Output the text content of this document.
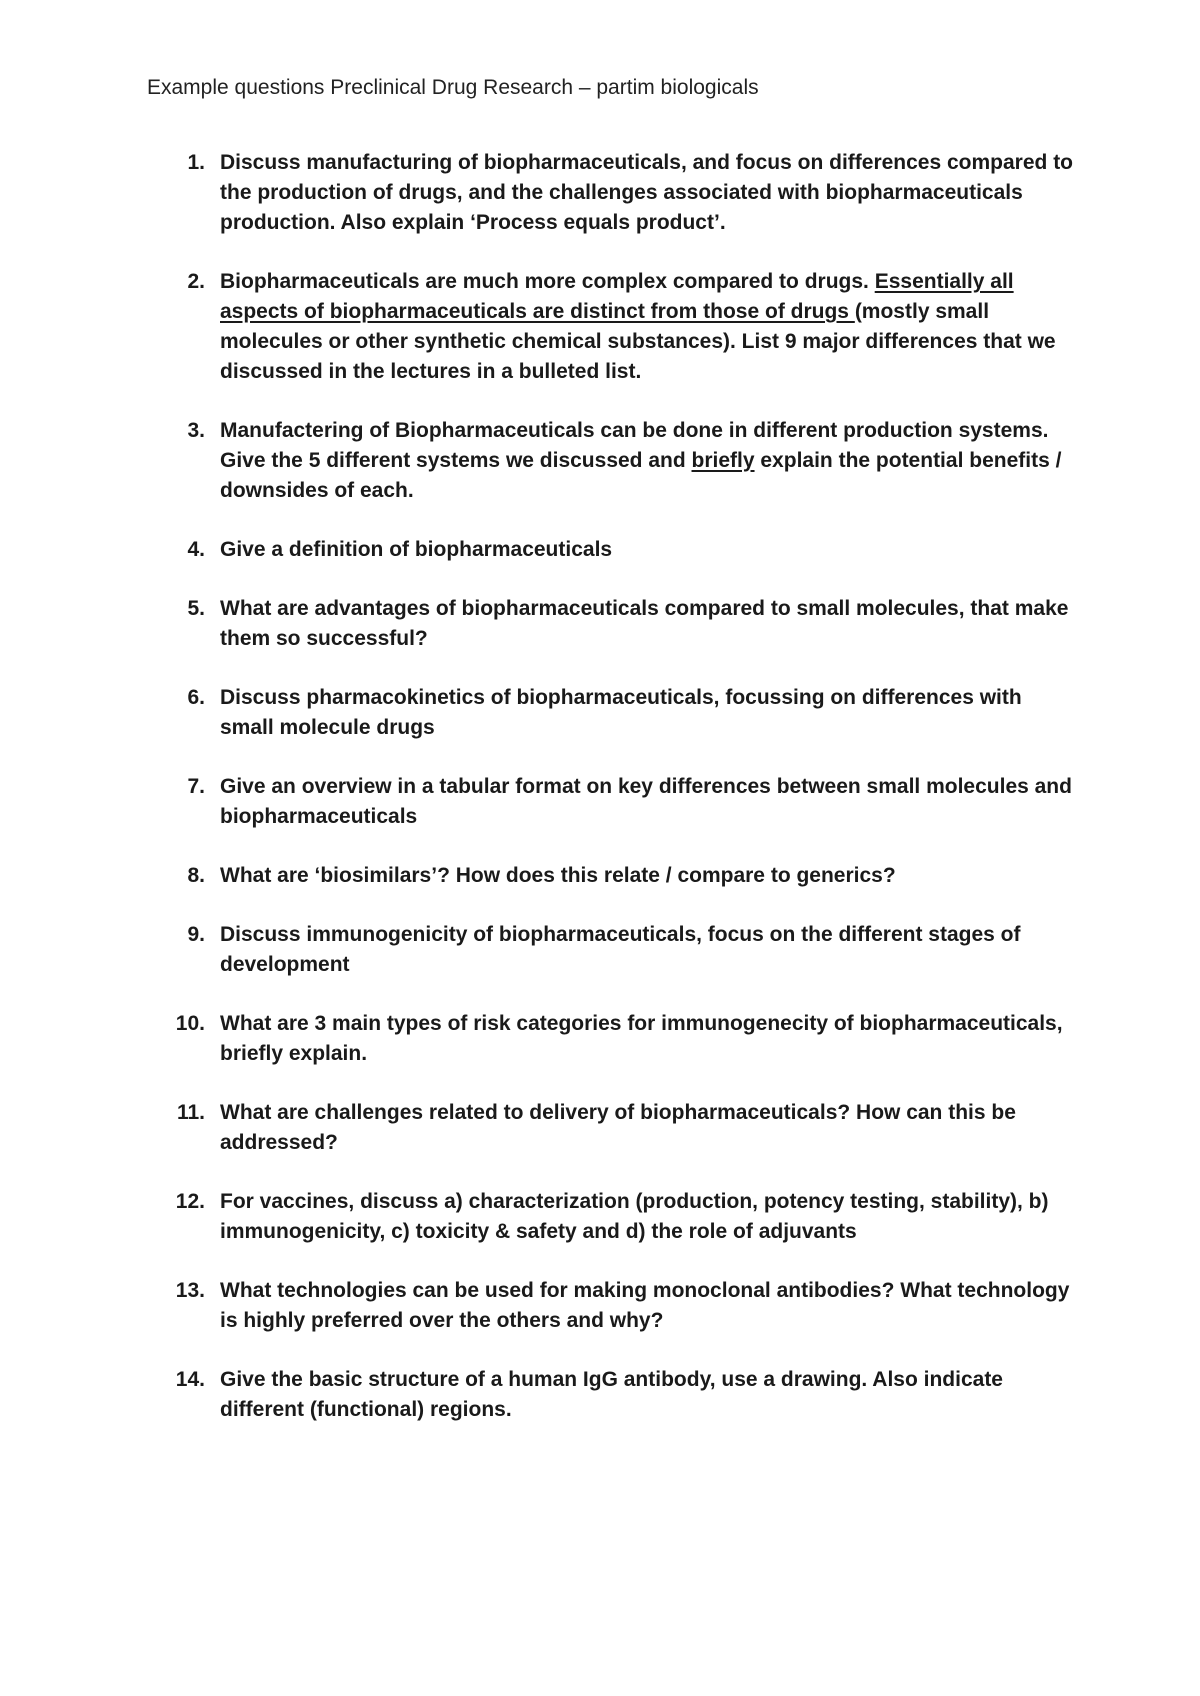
Example questions Preclinical Drug Research – partim biologicals
1. Discuss manufacturing of biopharmaceuticals, and focus on differences compared to the production of drugs, and the challenges associated with biopharmaceuticals production. Also explain ‘Process equals product’.
2. Biopharmaceuticals are much more complex compared to drugs. Essentially all aspects of biopharmaceuticals are distinct from those of drugs (mostly small molecules or other synthetic chemical substances). List 9 major differences that we discussed in the lectures in a bulleted list.
3. Manufactering of Biopharmaceuticals can be done in different production systems. Give the 5 different systems we discussed and briefly explain the potential benefits / downsides of each.
4. Give a definition of biopharmaceuticals
5. What are advantages of biopharmaceuticals compared to small molecules, that make them so successful?
6. Discuss pharmacokinetics of biopharmaceuticals, focussing on differences with small molecule drugs
7. Give an overview in a tabular format on key differences between small molecules and biopharmaceuticals
8. What are ‘biosimilars’? How does this relate / compare to generics?
9. Discuss immunogenicity of biopharmaceuticals, focus on the different stages of development
10. What are 3 main types of risk categories for immunogenecity of biopharmaceuticals, briefly explain.
11. What are challenges related to delivery of biopharmaceuticals? How can this be addressed?
12. For vaccines, discuss a) characterization (production, potency testing, stability), b) immunogenicity, c) toxicity & safety and d) the role of adjuvants
13. What technologies can be used for making monoclonal antibodies? What technology is highly preferred over the others and why?
14. Give the basic structure of a human IgG antibody, use a drawing. Also indicate different (functional) regions.
